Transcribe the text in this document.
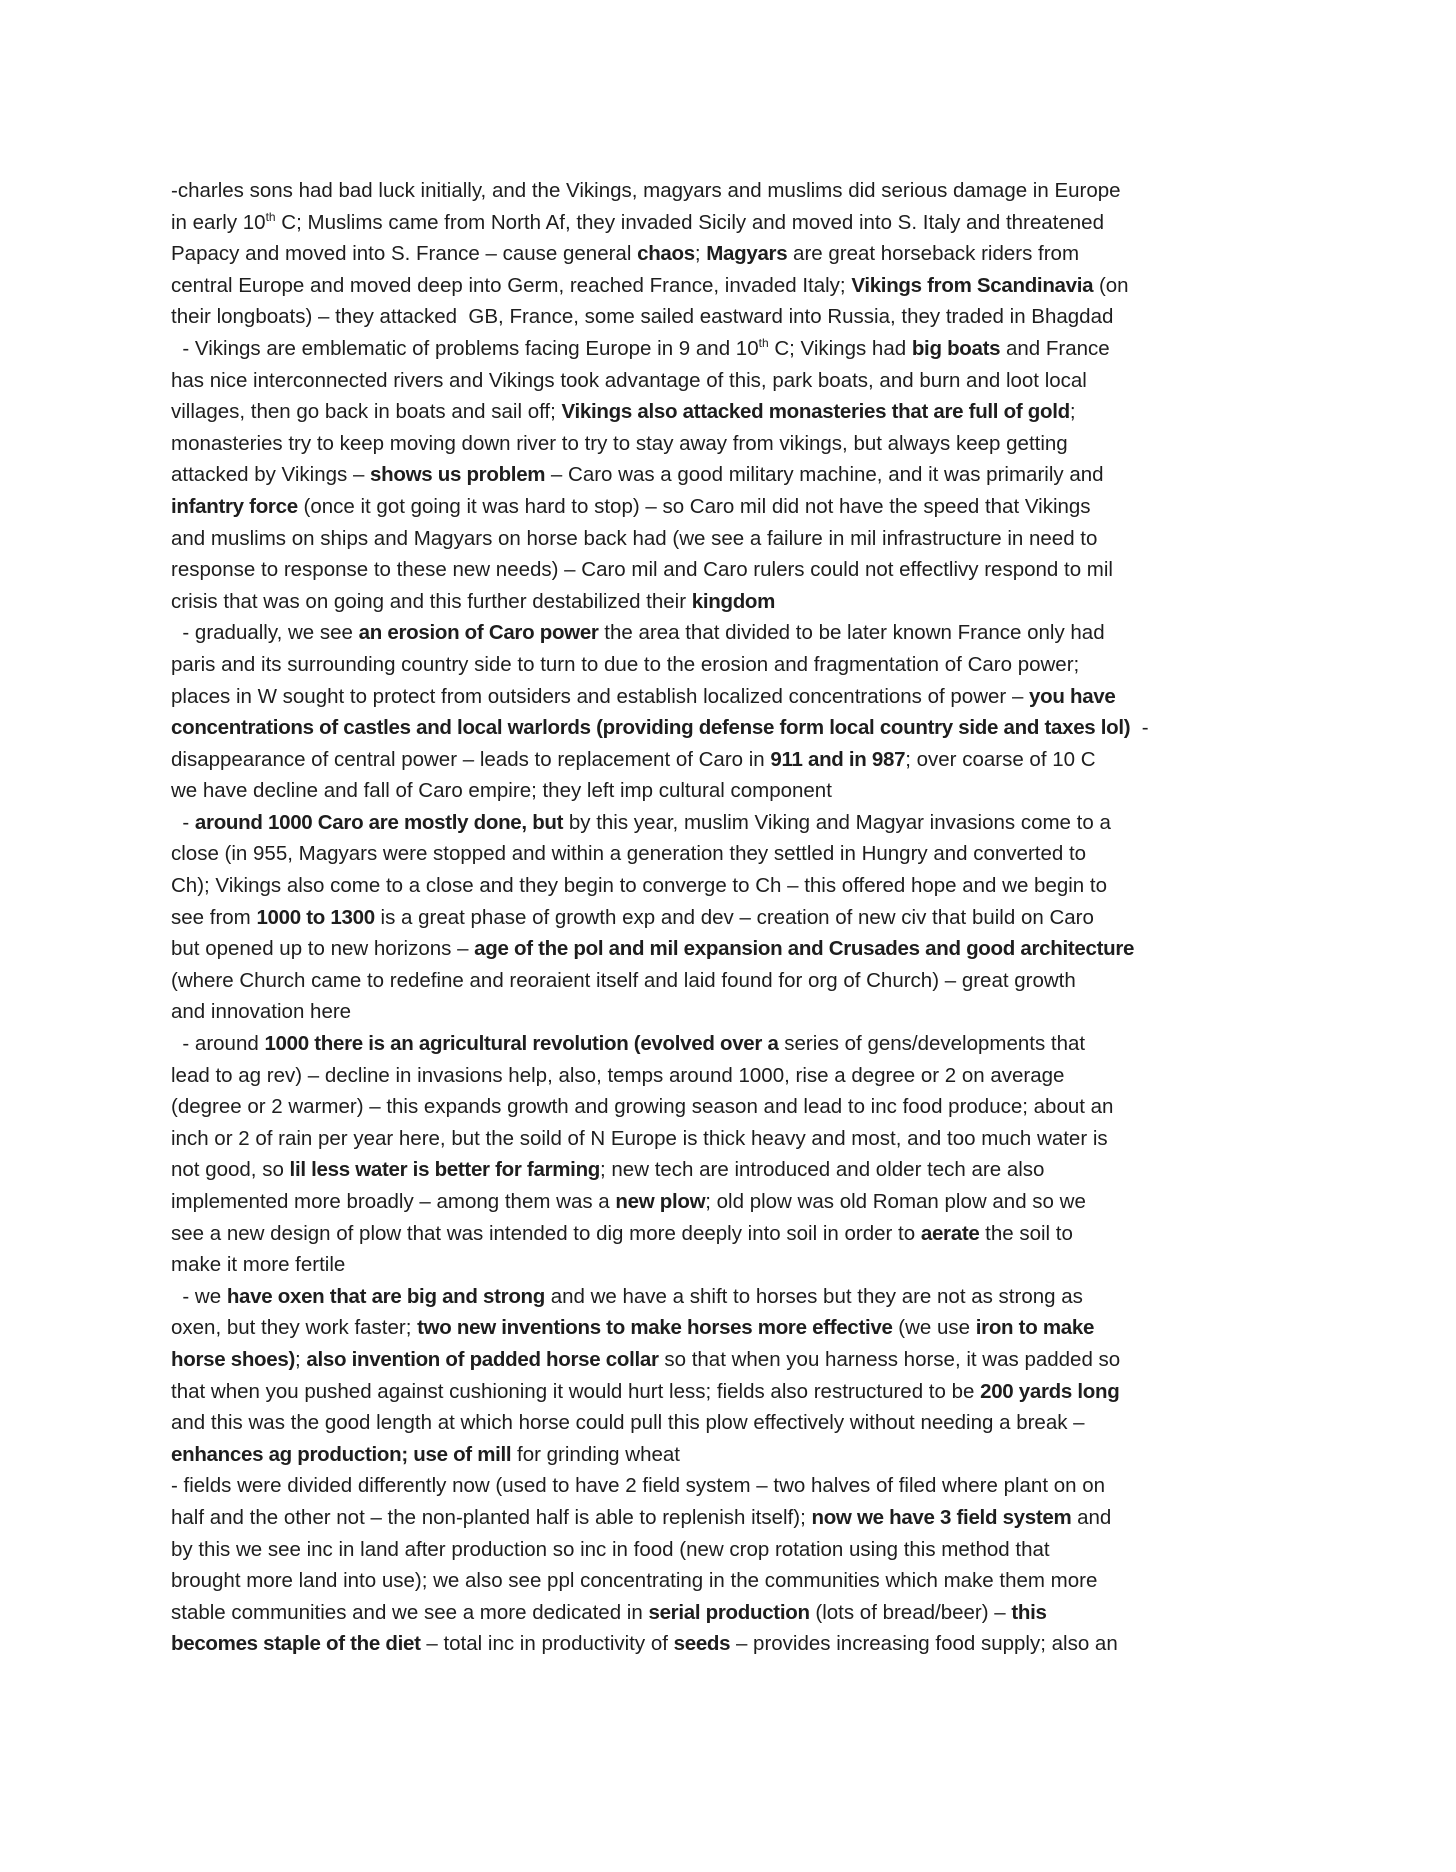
-charles sons had bad luck initially, and the Vikings, magyars and muslims did serious damage in Europe
in early 10th C; Muslims came from North Af, they invaded Sicily and moved into S. Italy and threatened
Papacy and moved into S. France – cause general chaos; Magyars are great horseback riders from
central Europe and moved deep into Germ, reached France, invaded Italy; Vikings from Scandinavia (on
their longboats) – they attacked  GB, France, some sailed eastward into Russia, they traded in Bhagdad
- Vikings are emblematic of problems facing Europe in 9 and 10th C; Vikings had big boats and France
has nice interconnected rivers and Vikings took advantage of this, park boats, and burn and loot local
villages, then go back in boats and sail off; Vikings also attacked monasteries that are full of gold;
monasteries try to keep moving down river to try to stay away from vikings, but always keep getting
attacked by Vikings – shows us problem – Caro was a good military machine, and it was primarily and
infantry force (once it got going it was hard to stop) – so Caro mil did not have the speed that Vikings
and muslims on ships and Magyars on horse back had (we see a failure in mil infrastructure in need to
response to response to these new needs) – Caro mil and Caro rulers could not effectlivy respond to mil
crisis that was on going and this further destabilized their kingdom
- gradually, we see an erosion of Caro power the area that divided to be later known France only had
paris and its surrounding country side to turn to due to the erosion and fragmentation of Caro power;
places in W sought to protect from outsiders and establish localized concentrations of power – you have
concentrations of castles and local warlords (providing defense form local country side and taxes lol)  -
disappearance of central power – leads to replacement of Caro in 911 and in 987; over coarse of 10 C
we have decline and fall of Caro empire; they left imp cultural component
- around 1000 Caro are mostly done, but by this year, muslim Viking and Magyar invasions come to a
close (in 955, Magyars were stopped and within a generation they settled in Hungry and converted to
Ch); Vikings also come to a close and they begin to converge to Ch – this offered hope and we begin to
see from 1000 to 1300 is a great phase of growth exp and dev – creation of new civ that build on Caro
but opened up to new horizons – age of the pol and mil expansion and Crusades and good architecture
(where Church came to redefine and reoraient itself and laid found for org of Church) – great growth
and innovation here
- around 1000 there is an agricultural revolution (evolved over a series of gens/developments that
lead to ag rev) – decline in invasions help, also, temps around 1000, rise a degree or 2 on average
(degree or 2 warmer) – this expands growth and growing season and lead to inc food produce; about an
inch or 2 of rain per year here, but the soild of N Europe is thick heavy and most, and too much water is
not good, so lil less water is better for farming; new tech are introduced and older tech are also
implemented more broadly – among them was a new plow; old plow was old Roman plow and so we
see a new design of plow that was intended to dig more deeply into soil in order to aerate the soil to
make it more fertile
- we have oxen that are big and strong and we have a shift to horses but they are not as strong as
oxen, but they work faster; two new inventions to make horses more effective (we use iron to make
horse shoes); also invention of padded horse collar so that when you harness horse, it was padded so
that when you pushed against cushioning it would hurt less; fields also restructured to be 200 yards long
and this was the good length at which horse could pull this plow effectively without needing a break –
enhances ag production; use of mill for grinding wheat
- fields were divided differently now (used to have 2 field system – two halves of filed where plant on on
half and the other not – the non-planted half is able to replenish itself); now we have 3 field system and
by this we see inc in land after production so inc in food (new crop rotation using this method that
brought more land into use); we also see ppl concentrating in the communities which make them more
stable communities and we see a more dedicated in serial production (lots of bread/beer) – this
becomes staple of the diet – total inc in productivity of seeds – provides increasing food supply; also an
